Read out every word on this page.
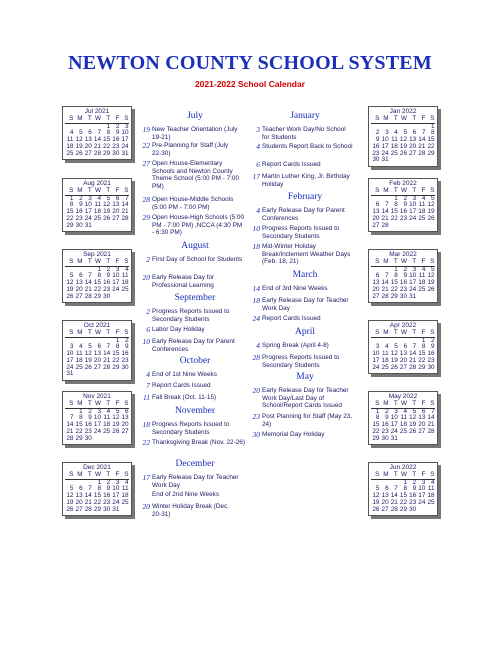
NEWTON COUNTY SCHOOL SYSTEM
2021-2022 School Calendar
Jul 2021
S	M	T	W	T	F	S
				1	2	3
4	5	6	7	8	9	10
11	12	13	14	15	16	17
18	19	20	21	22	23	24
25	26	27	28	29	30	31
Aug 2021
S	M	T	W	T	F	S
1	2	3	4	5	6	7
8	9	10	11	12	13	14
15	16	17	18	19	20	21
22	23	24	25	26	27	28
29	30	31				
Sep 2021
S	M	T	W	T	F	S
			1	2	3	4
5	6	7	8	9	10	11
12	13	14	15	16	17	18
19	20	21	22	23	24	25
26	27	28	29	30		
Oct 2021
S	M	T	W	T	F	S
					1	2
3	4	5	6	7	8	9
10	11	12	13	14	15	16
17	18	19	20	21	22	23
24	25	26	27	28	29	30
31						
Nov 2021
S	M	T	W	T	F	S
	1	2	3	4	5	6
7	8	9	10	11	12	13
14	15	16	17	18	19	20
21	22	23	24	25	26	27
28	29	30				
Dec 2021
S	M	T	W	T	F	S
			1	2	3	4
5	6	7	8	9	10	11
12	13	14	15	16	17	18
19	20	21	22	23	24	25
26	27	28	29	30	31	
Jan 2022
S	M	T	W	T	F	S
						1
2	3	4	5	6	7	8
9	10	11	12	13	14	15
16	17	18	19	20	21	22
23	24	25	26	27	28	29
30	31					
Feb 2022
S	M	T	W	T	F	S
		1	2	3	4	5
6	7	8	9	10	11	12
13	14	15	16	17	18	19
20	21	22	23	24	25	26
27	28					
Mar 2022
S	M	T	W	T	F	S
		1	2	3	4	5
6	7	8	9	10	11	12
13	14	15	16	17	18	19
20	21	22	23	24	25	26
27	28	29	30	31		
Apr 2022
S	M	T	W	T	F	S
					1	2
3	4	5	6	7	8	9
10	11	12	13	14	15	16
17	18	19	20	21	22	23
24	25	26	27	28	29	30
May 2022
S	M	T	W	T	F	S
1	2	3	4	5	6	7
8	9	10	11	12	13	14
15	16	17	18	19	20	21
22	23	24	25	26	27	28
29	30	31				
Jun 2022
S	M	T	W	T	F	S
			1	2	3	4
5	6	7	8	9	10	11
12	13	14	15	16	17	18
19	20	21	22	23	24	25
26	27	28	29	30		
July
19 New Teacher Orientation (July
19-21)
22 Pre-Planning for Staff (July
22-30)
27 Open House-Elementary
Schools and Newton County
Theme School (5:00 PM - 7:00
PM)
28 Open House-Middle Schools
(5:00 PM - 7:00 PM)
29 Open House-High Schools (5:00
PM - 7:00 PM) ,NCCA (4:30 PM
- 6:30 PM)
August
2 First Day of School for Students
20 Early Release Day for
Professional Learning
September
2 Progress Reports Issued to
Secondary Students
6 Labor Day Holiday
10 Early Release Day for Parent
Conferences
October
4 End of 1st Nine Weeks
7 Report Cards Issued
11 Fall Break (Oct. 11-15)
November
18 Progress Reports Issued to
Secondary Students
22 Thanksgiving Break (Nov. 22-26)
December
17 Early Release Day for Teacher
Work Day
End of 2nd Nine Weeks
20 Winter Holiday Break (Dec.
20-31)
January
3 Teacher Work Day/No School
for Students
4 Students Report Back to School
6 Report Cards Issued
17 Martin Luther King, Jr. Birthday
Holiday
February
4 Early Release Day for Parent
Conferences
10 Progress Reports Issued to
Secondary Students
18 Mid-Winter Holiday
Break/Inclement Weather Days
(Feb. 18, 21)
March
14 End of 3rd Nine Weeks
18 Early Release Day for Teacher
Work Day
24 Report Cards Issued
April
4 Spring Break (April 4-8)
28 Progress Reports Issued to
Secondary Students
May
20 Early Release Day for Teacher
Work Day/Last Day of
School/Report Cards Issued
23 Post Planning for Staff (May 23,
24)
30 Memorial Day Holiday
